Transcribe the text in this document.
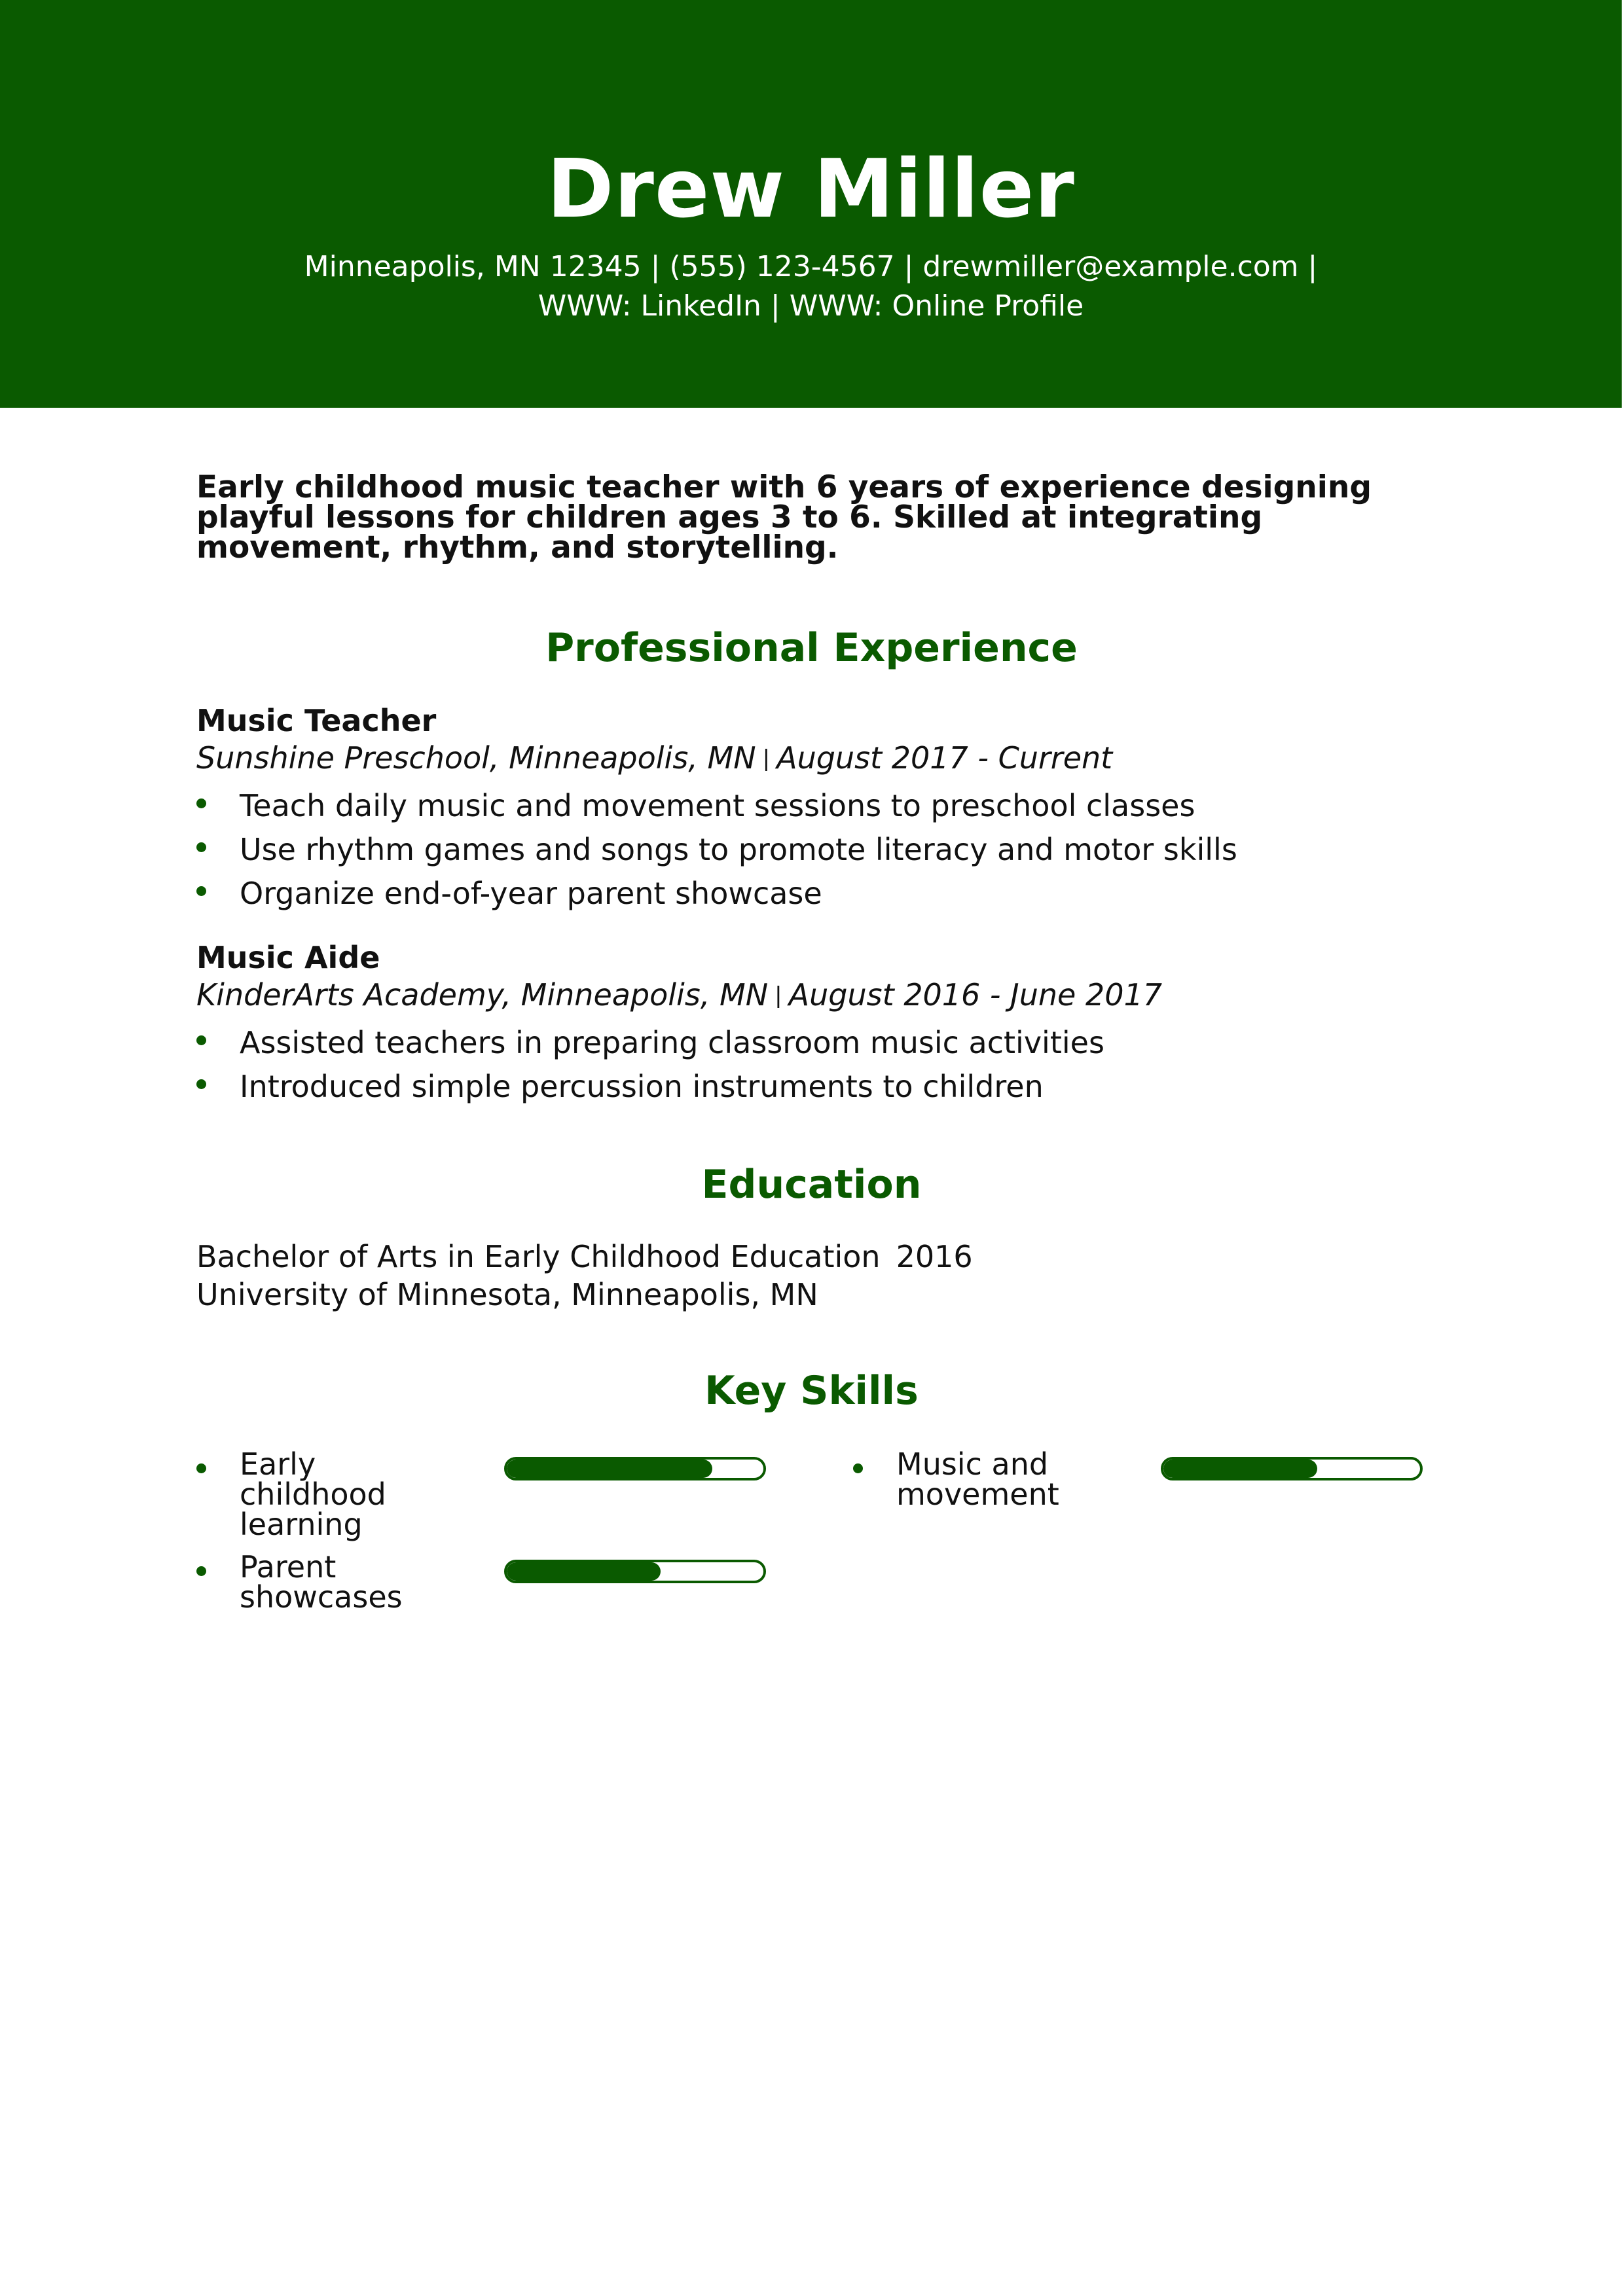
Drew Miller
Minneapolis, MN 12345 | (555) 123-4567 | drewmiller@example.com |
WWW: LinkedIn | WWW: Online Profile
Early childhood music teacher with 6 years of experience designing playful lessons for children ages 3 to 6. Skilled at integrating movement, rhythm, and storytelling.
Professional Experience
Music Teacher
Sunshine Preschool, Minneapolis, MN | August 2017 - Current
Teach daily music and movement sessions to preschool classes
Use rhythm games and songs to promote literacy and motor skills
Organize end-of-year parent showcase
Music Aide
KinderArts Academy, Minneapolis, MN | August 2016 - June 2017
Assisted teachers in preparing classroom music activities
Introduced simple percussion instruments to children
Education
Bachelor of Arts in Early Childhood Education 2016
University of Minnesota, Minneapolis, MN
Key Skills
Early childhood learning
Music and movement
Parent showcases
